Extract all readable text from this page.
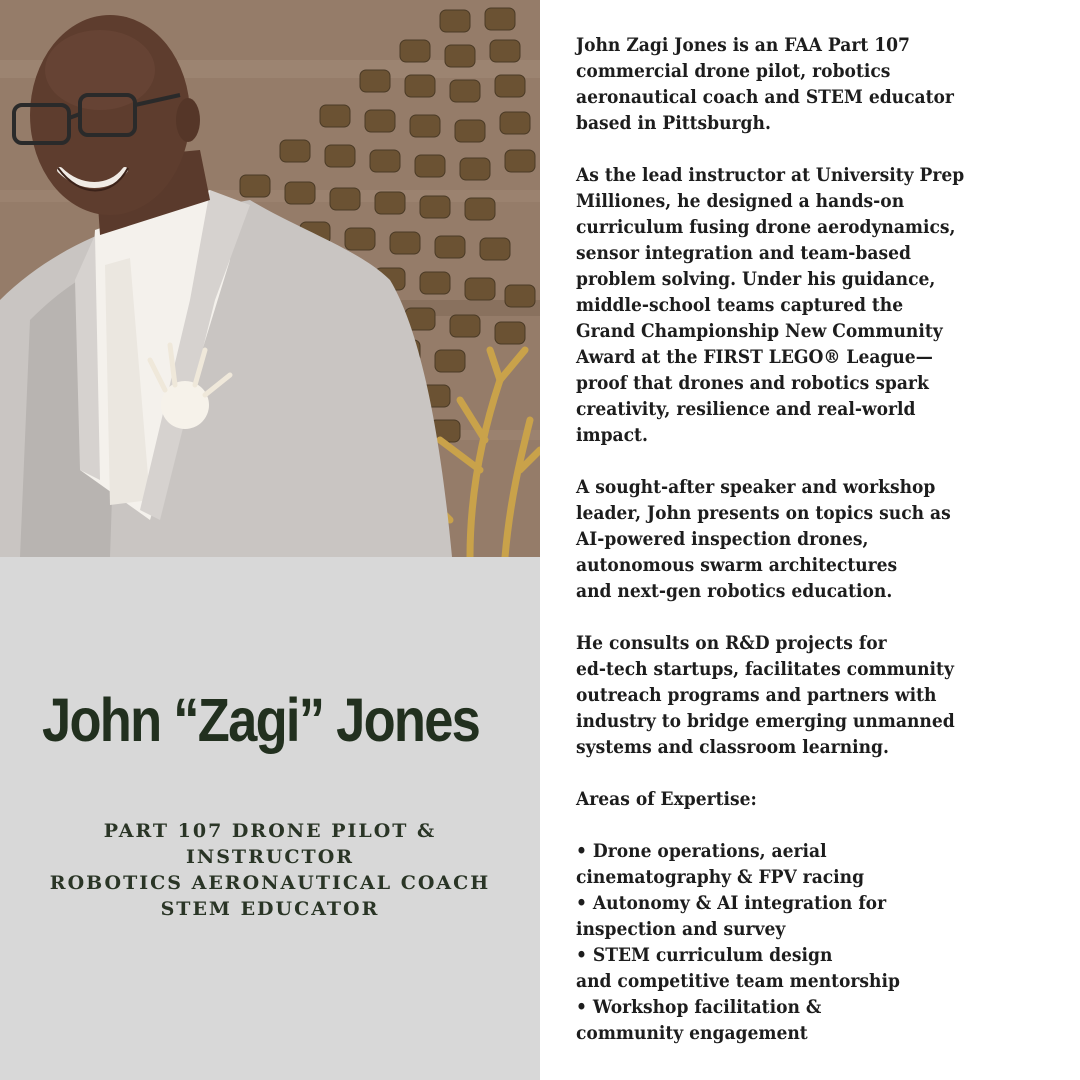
John “Zagi” Jones
PART 107 DRONE PILOT &
INSTRUCTOR
ROBOTICS AERONAUTICAL COACH
STEM EDUCATOR
John Zagi Jones is an FAA Part 107
commercial drone pilot, robotics
aeronautical coach and STEM educator
based in Pittsburgh.
As the lead instructor at University Prep
Milliones, he designed a hands-on
curriculum fusing drone aerodynamics,
sensor integration and team-based
problem solving. Under his guidance,
middle-school teams captured the
Grand Championship New Community
Award at the FIRST LEGO® League—
proof that drones and robotics spark
creativity, resilience and real-world
impact.
A sought-after speaker and workshop
leader, John presents on topics such as
AI-powered inspection drones,
autonomous swarm architectures
and next-gen robotics education.
He consults on R&D projects for
ed-tech startups, facilitates community
outreach programs and partners with
industry to bridge emerging unmanned
systems and classroom learning.
Areas of Expertise:
• Drone operations, aerial
cinematography & FPV racing
• Autonomy & AI integration for
inspection and survey
• STEM curriculum design
and competitive team mentorship
• Workshop facilitation &
community engagement
